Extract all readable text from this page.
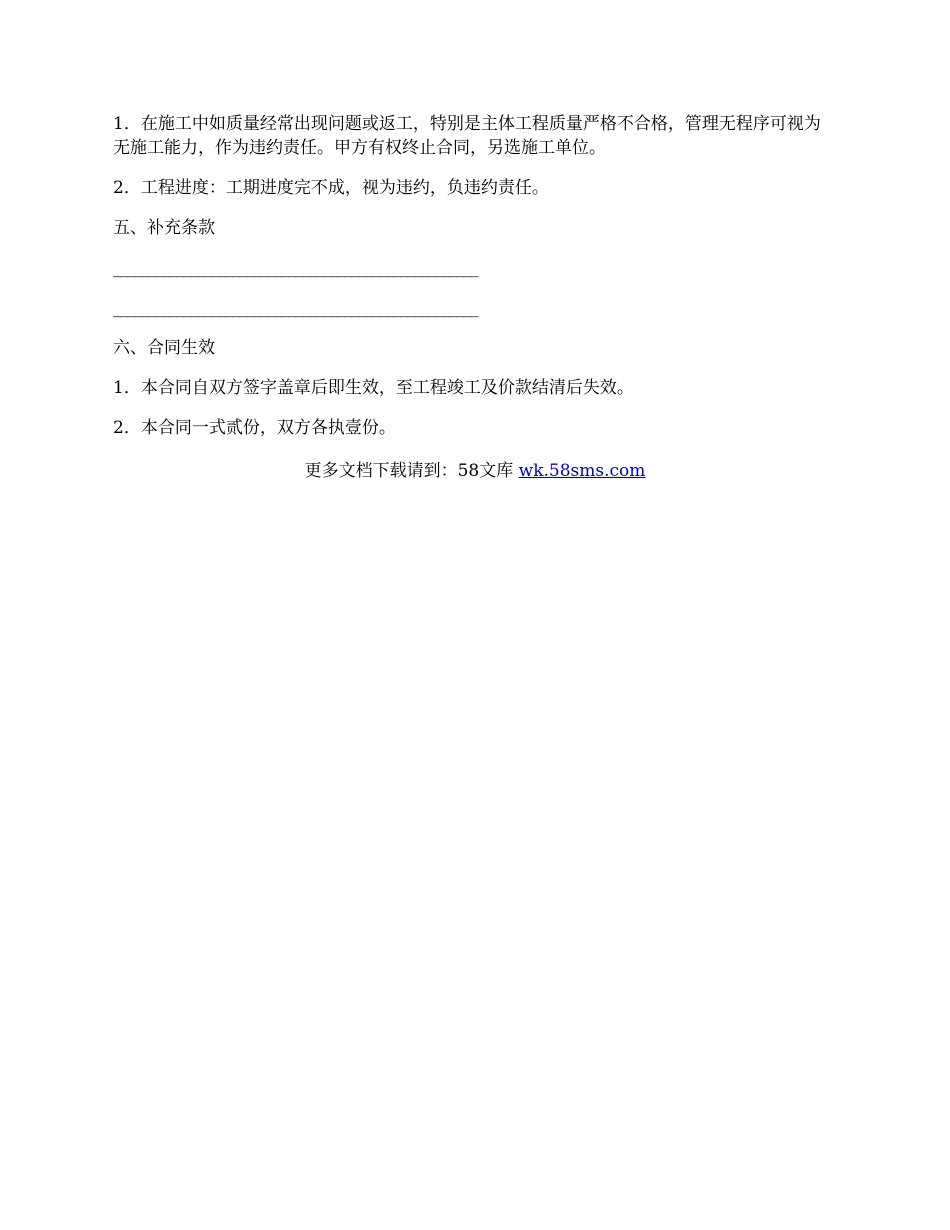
1．在施工中如质量经常出现问题或返工，特别是主体工程质量严格不合格，管理无程序可视为无施工能力，作为违约责任。甲方有权终止合同，另选施工单位。

2．工程进度：工期进度完不成，视为违约，负违约责任。

五、补充条款

____________________________________________________

____________________________________________________

六、合同生效

1．本合同自双方签字盖章后即生效，至工程竣工及价款结清后失效。

2．本合同一式贰份，双方各执壹份。

更多文档下载请到：58文库 wk.58sms.com
